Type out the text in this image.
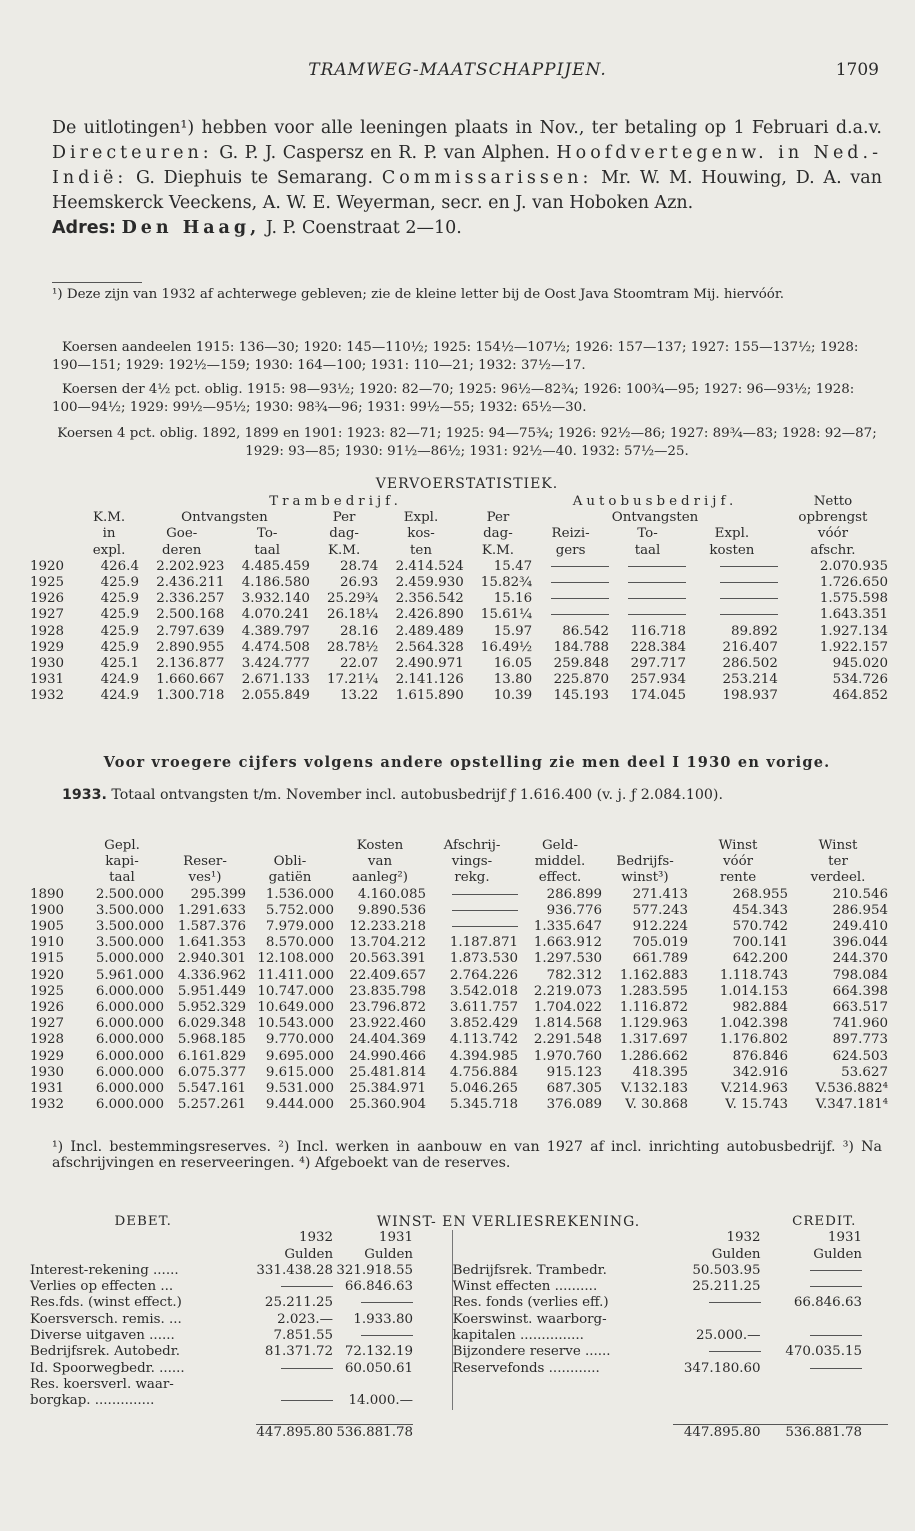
TRAMWEG-MAATSCHAPPIJEN.	1709
De uitlotingen¹) hebben voor alle leeningen plaats in Nov., ter betaling op 1 Februari d.a.v. Directeuren: G. P. J. Caspersz en R. P. van Alphen. Hoofdvertegenw. in Ned.-Indië: G. Diephuis te Semarang. Commissarissen: Mr. W. M. Houwing, D. A. van Heemskerck Veeckens, A. W. E. Weyerman, secr. en J. van Hoboken Azn.
Adres: Den Haag, J. P. Coenstraat 2—10.
¹) Deze zijn van 1932 af achterwege gebleven; zie de kleine letter bij de Oost Java Stoomtram Mij. hiervóór.
Koersen aandeelen 1915: 136—30; 1920: 145—110½; 1925: 154½—107½; 1926: 157—137; 1927: 155—137½; 1928: 190—151; 1929: 192½—159; 1930: 164—100; 1931: 110—21; 1932: 37½—17.
Koersen der 4½ pct. oblig. 1915: 98—93½; 1920: 82—70; 1925: 96½—82¾; 1926: 100¾—95; 1927: 96—93½; 1928: 100—94½; 1929: 99½—95½; 1930: 98¾—96; 1931: 99½—55; 1932: 65½—30.
Koersen 4 pct. oblig. 1892, 1899 en 1901: 1923: 82—71; 1925: 94—75¾; 1926: 92½—86; 1927: 89¾—83; 1928: 92—87; 1929: 93—85; 1930: 91½—86½; 1931: 92½—40. 1932: 57½—25.
VERVOERSTATISTIEK.
		Trambedrijf.					Autobusbedrijf.			Netto
	K.M.	Ontvangsten		Per	Expl.	Per	Ontvangsten			opbrengst
	in	Goe-	To-	dag-	kos-	dag-	Reizi-	To-	Expl.	vóór
	expl.	deren	taal	K.M.	ten	K.M.	gers	taal	kosten	afschr.
1920	426.4	2.202.923	4.485.459	28.74	2.414.524	15.47				2.070.935
1925	425.9	2.436.211	4.186.580	26.93	2.459.930	15.82¾				1.726.650
1926	425.9	2.336.257	3.932.140	25.29¾	2.356.542	15.16				1.575.598
1927	425.9	2.500.168	4.070.241	26.18¼	2.426.890	15.61¼				1.643.351
1928	425.9	2.797.639	4.389.797	28.16	2.489.489	15.97	86.542	116.718	89.892	1.927.134
1929	425.9	2.890.955	4.474.508	28.78½	2.564.328	16.49½	184.788	228.384	216.407	1.922.157
1930	425.1	2.136.877	3.424.777	22.07	2.490.971	16.05	259.848	297.717	286.502	945.020
1931	424.9	1.660.667	2.671.133	17.21¼	2.141.126	13.80	225.870	257.934	253.214	534.726
1932	424.9	1.300.718	2.055.849	13.22	1.615.890	10.39	145.193	174.045	198.937	464.852
Voor vroegere cijfers volgens andere opstelling zie men deel I 1930 en vorige.
1933. Totaal ontvangsten t/m. November incl. autobusbedrijf ƒ 1.616.400 (v. j. ƒ 2.084.100).
	Gepl.			Kosten	Afschrij-	Geld-		Winst	Winst
	kapi-	Reser-	Obli-	van	vings-	middel.	Bedrijfs-	vóór	ter
	taal	ves¹)	gatiën	aanleg²)	rekg.	effect.	winst³)	rente	verdeel.
1890	2.500.000	295.399	1.536.000	4.160.085		286.899	271.413	268.955	210.546
1900	3.500.000	1.291.633	5.752.000	9.890.536		936.776	577.243	454.343	286.954
1905	3.500.000	1.587.376	7.979.000	12.233.218		1.335.647	912.224	570.742	249.410
1910	3.500.000	1.641.353	8.570.000	13.704.212	1.187.871	1.663.912	705.019	700.141	396.044
1915	5.000.000	2.940.301	12.108.000	20.563.391	1.873.530	1.297.530	661.789	642.200	244.370
1920	5.961.000	4.336.962	11.411.000	22.409.657	2.764.226	782.312	1.162.883	1.118.743	798.084
1925	6.000.000	5.951.449	10.747.000	23.835.798	3.542.018	2.219.073	1.283.595	1.014.153	664.398
1926	6.000.000	5.952.329	10.649.000	23.796.872	3.611.757	1.704.022	1.116.872	982.884	663.517
1927	6.000.000	6.029.348	10.543.000	23.922.460	3.852.429	1.814.568	1.129.963	1.042.398	741.960
1928	6.000.000	5.968.185	9.770.000	24.404.369	4.113.742	2.291.548	1.317.697	1.176.802	897.773
1929	6.000.000	6.161.829	9.695.000	24.990.466	4.394.985	1.970.760	1.286.662	876.846	624.503
1930	6.000.000	6.075.377	9.615.000	25.481.814	4.756.884	915.123	418.395	342.916	53.627
1931	6.000.000	5.547.161	9.531.000	25.384.971	5.046.265	687.305	V.132.183	V.214.963	V.536.882⁴
1932	6.000.000	5.257.261	9.444.000	25.360.904	5.345.718	376.089	V. 30.868	V. 15.743	V.347.181⁴
¹) Incl. bestemmingsreserves. ²) Incl. werken in aanbouw en van 1927 af incl. inrichting autobusbedrijf. ³) Na afschrijvingen en reserveeringen. ⁴) Afgeboekt van de reserves.
DEBET.	WINST- EN VERLIESREKENING.					CREDIT.
	1932	1931			1932	1931
	Gulden	Gulden			Gulden	Gulden
Interest-rekening ......	331.438.28	321.918.55		Bedrijfsrek. Trambedr.	50.503.95	
Verlies op effecten ...		66.846.63		Winst effecten ..........	25.211.25	
Res.fds. (winst effect.)	25.211.25			Res. fonds (verlies eff.)		66.846.63
Koersversch. remis. ...	2.023.—	1.933.80		Koerswinst. waarborg-		
Diverse uitgaven ......	7.851.55			kapitalen ...............	25.000.—	
Bedrijfsrek. Autobedr.	81.371.72	72.132.19		Bijzondere reserve ......		470.035.15
Id. Spoorwegbedr. ......		60.050.61		Reservefonds ............	347.180.60	
Res. koersverl. waar-						
borgkap. ..............		14.000.—				

	447.895.80	536.881.78			447.895.80	536.881.78
